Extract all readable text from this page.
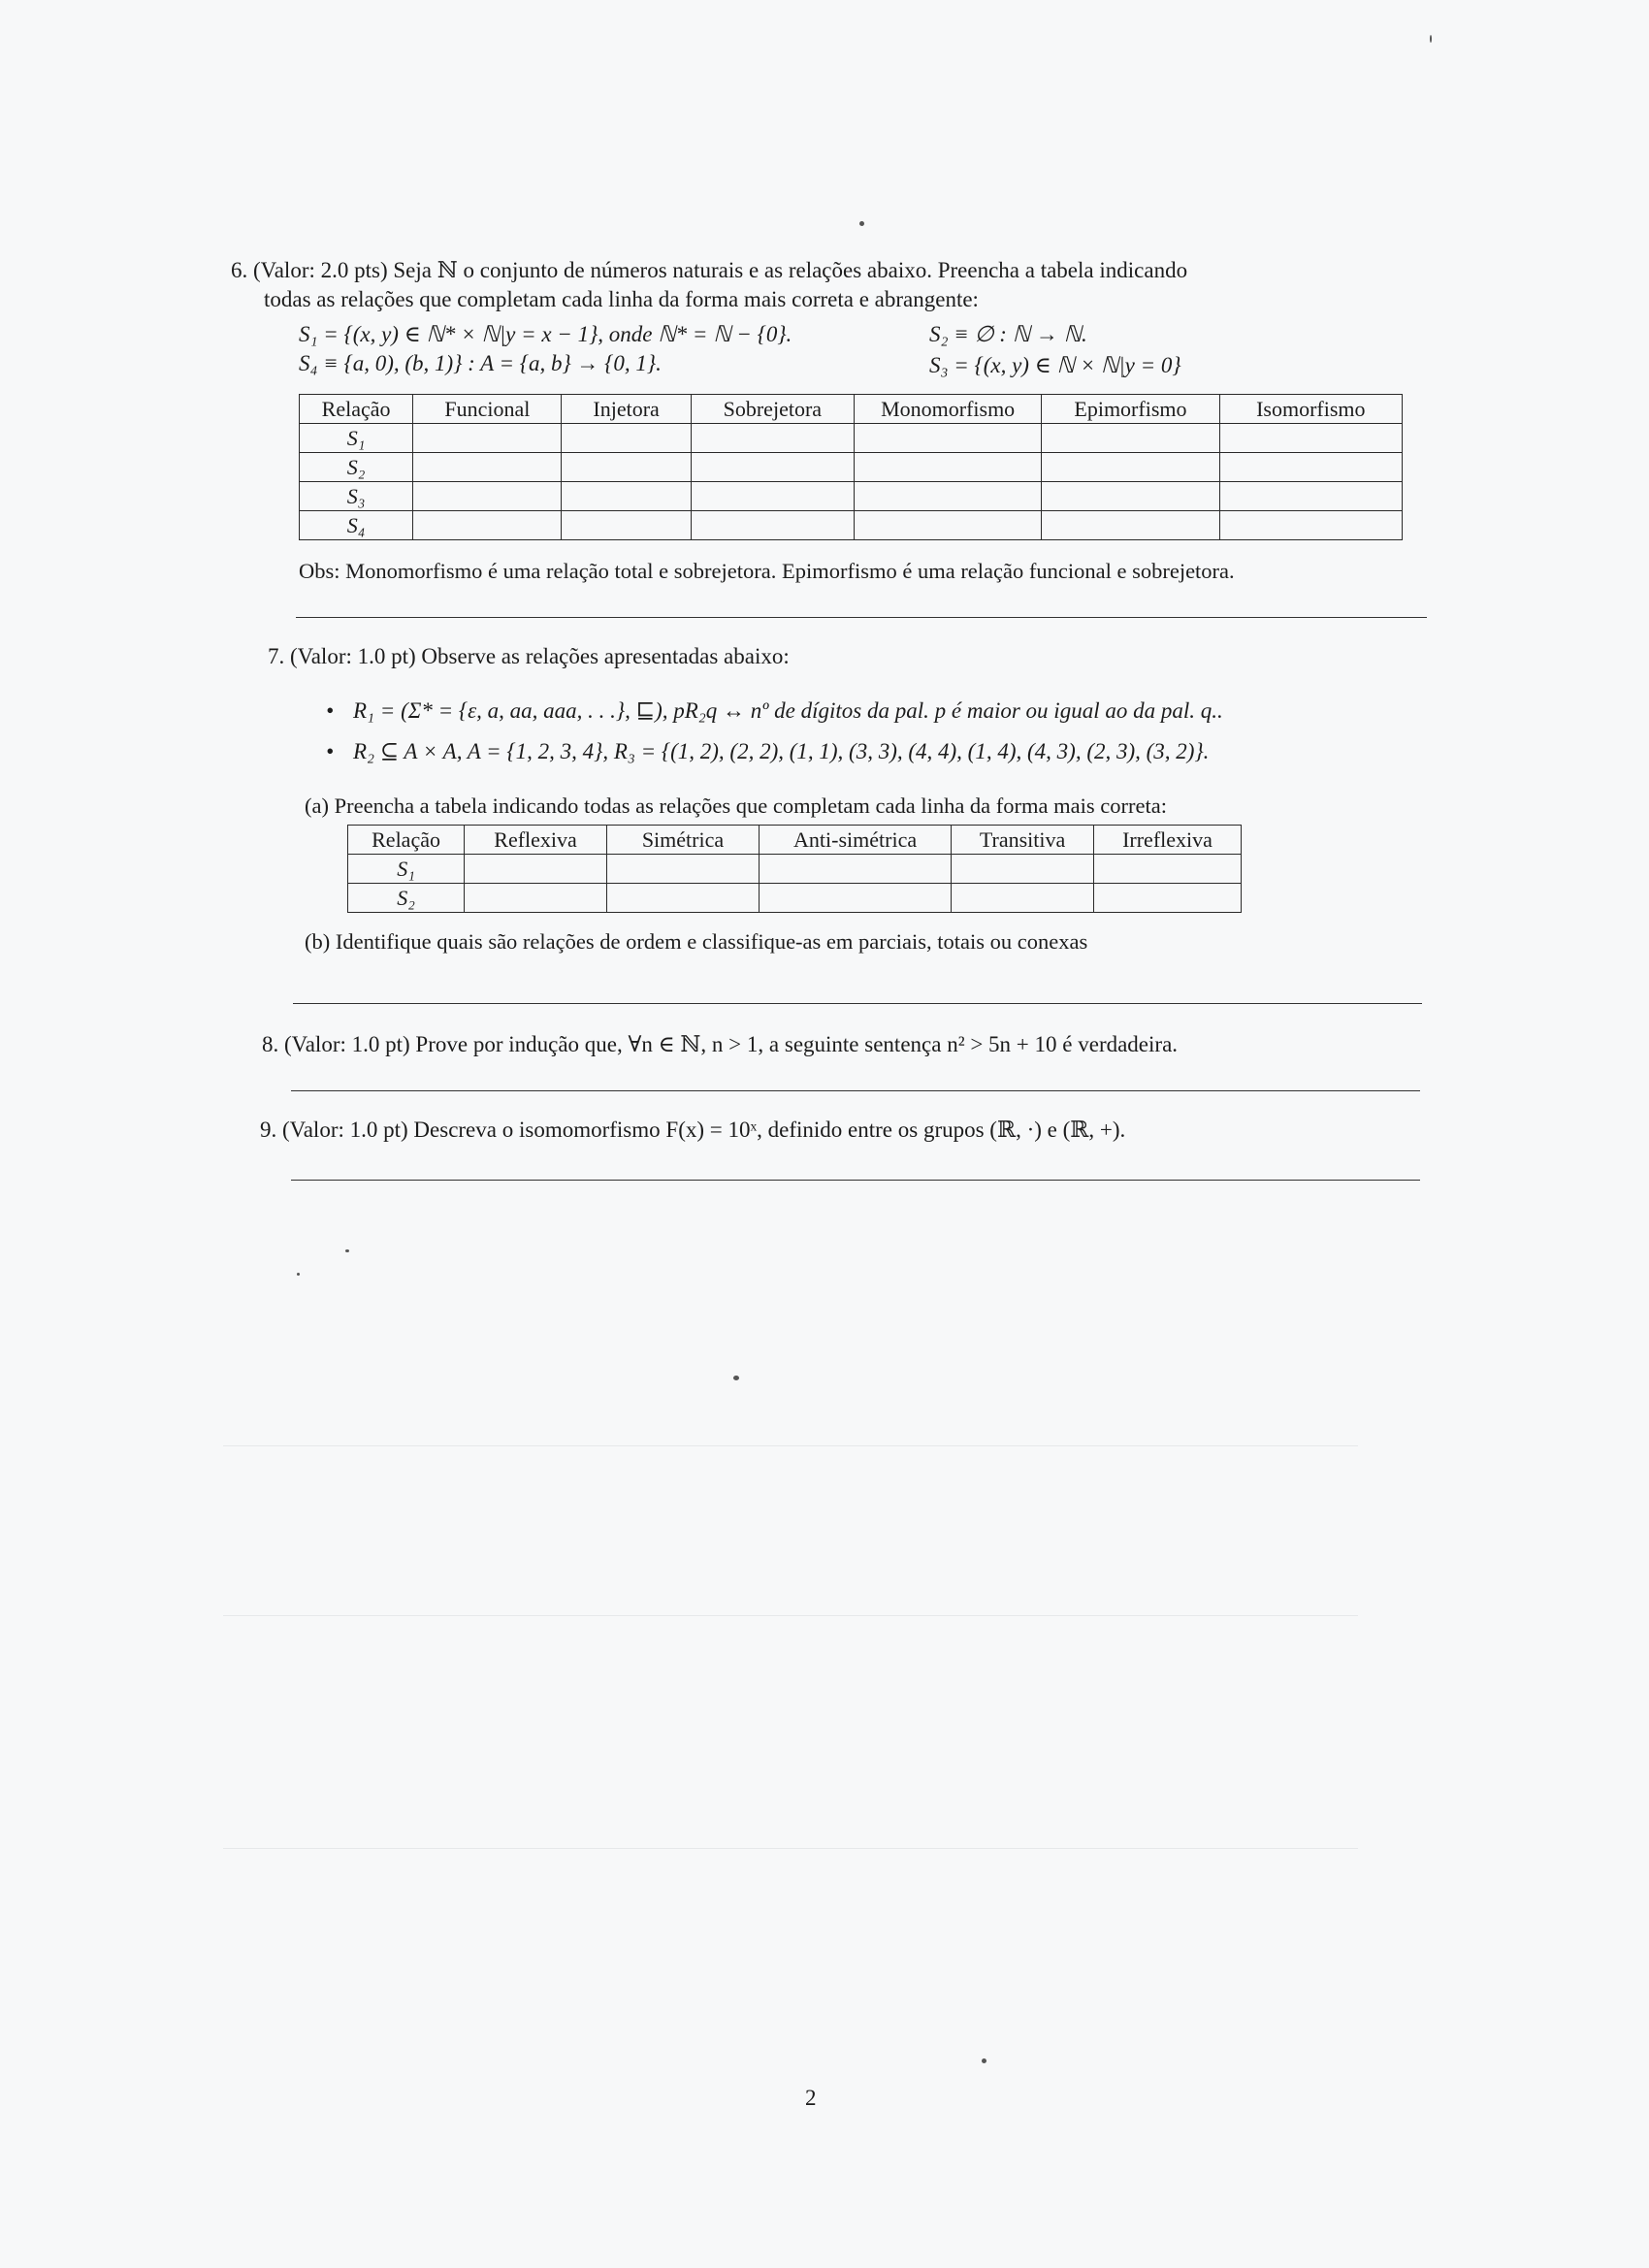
6. (Valor: 2.0 pts) Seja ℕ o conjunto de números naturais e as relações abaixo. Preencha a tabela indicando
todas as relações que completam cada linha da forma mais correta e abrangente:
S₁ = {(x, y) ∈ ℕ* × ℕ|y = x − 1}, onde ℕ* = ℕ − {0}.	S₂ ≡ ∅ : ℕ → ℕ.
S₄ ≡ {a, 0), (b, 1)} : A = {a, b} → {0, 1}.	S₃ = {(x, y) ∈ ℕ × ℕ|y = 0}
Relação	Funcional	Injetora	Sobrejetora	Monomorfismo	Epimorfismo	Isomorfismo
S₁						
S₂						
S₃						
S₄						
Obs: Monomorfismo é uma relação total e sobrejetora. Epimorfismo é uma relação funcional e sobrejetora.
7. (Valor: 1.0 pt) Observe as relações apresentadas abaixo:
• R₁ = (Σ* = {ε, a, aa, aaa, . . .}, ⊑), pR₂q ↔ nº de dígitos da pal. p é maior ou igual ao da pal. q..
• R₂ ⊆ A × A, A = {1, 2, 3, 4}, R₃ = {(1, 2), (2, 2), (1, 1), (3, 3), (4, 4), (1, 4), (4, 3), (2, 3), (3, 2)}.
(a) Preencha a tabela indicando todas as relações que completam cada linha da forma mais correta:
Relação	Reflexiva	Simétrica	Anti-simétrica	Transitiva	Irreflexiva
S₁					
S₂					
(b) Identifique quais são relações de ordem e classifique-as em parciais, totais ou conexas
8. (Valor: 1.0 pt) Prove por indução que, ∀n ∈ ℕ, n > 1, a seguinte sentença n² > 5n + 10 é verdadeira.
9. (Valor: 1.0 pt) Descreva o isomomorfismo F(x) = 10ˣ, definido entre os grupos (ℝ, ·) e (ℝ, +).
2
